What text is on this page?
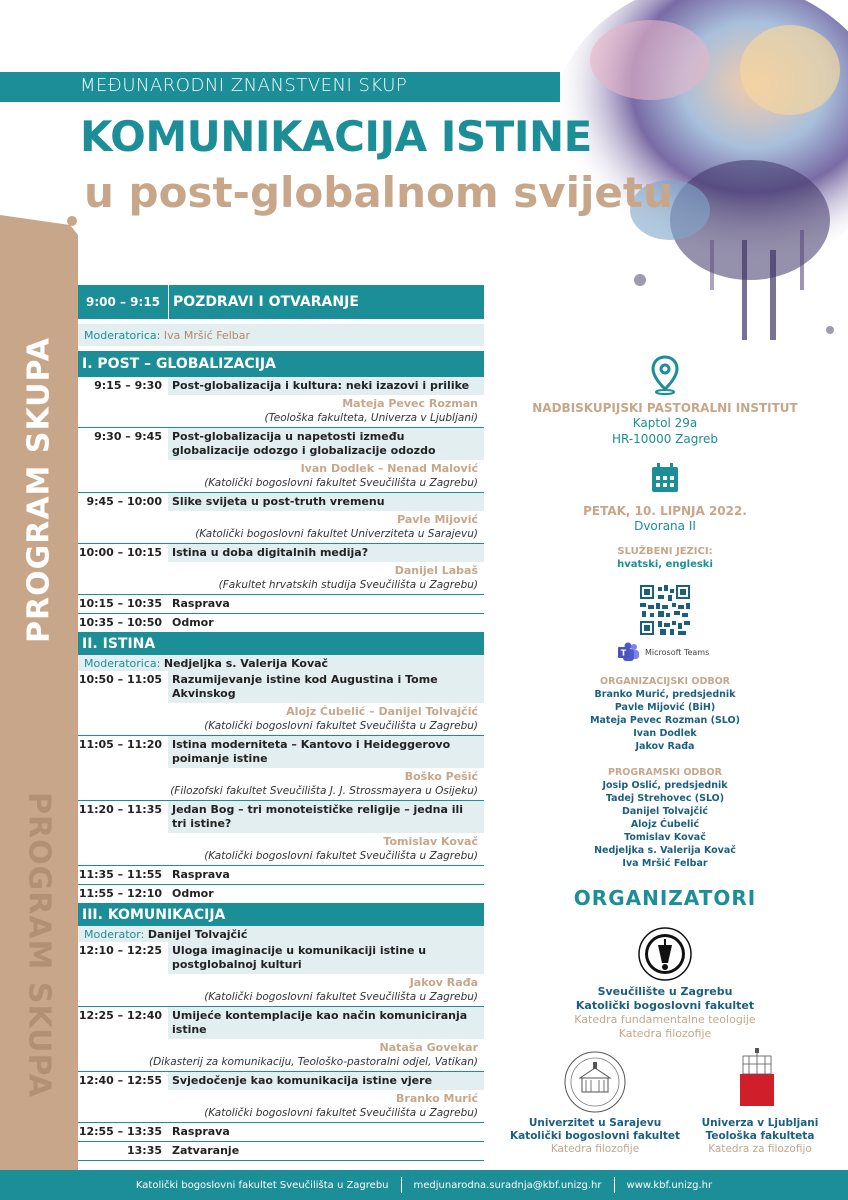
MEĐUNARODNI ZNANSTVENI SKUP
KOMUNIKACIJA ISTINE
u post-globalnom svijetu
PROGRAM SKUPA
PROGRAM SKUPA
9:00 – 9:15 POZDRAVI I OTVARANJE
Moderatorica:
Iva Mršić Felbar
I. POST – GLOBALIZACIJA
9:15 – 9:30 Post-globalizacija i kultura: neki izazovi i prilike
Mateja Pevec Rozman
(Teološka fakulteta, Univerza v Ljubljani)
9:30 – 9:45 Post-globalizacija u napetosti između globalizacije odozgo i globalizacije odozdo
Ivan Dodlek – Nenad Malović
(Katolički bogoslovni fakultet Sveučilišta u Zagrebu)
9:45 – 10:00 Slike svijeta u post-truth vremenu
Pavle Mijović
(Katolički bogoslovni fakultet Univerziteta u Sarajevu)
10:00 – 10:15 Istina u doba digitalnih medija?
Danijel Labaš
(Fakultet hrvatskih studija Sveučilišta u Zagrebu)
10:15 – 10:35 Rasprava
10:35 – 10:50 Odmor
II. ISTINA
Moderatorica:
Nedjeljka s. Valerija Kovač
10:50 – 11:05 Razumijevanje istine kod Augustina i Tome Akvinskog
Alojz Ćubelić – Danijel Tolvajčić
(Katolički bogoslovni fakultet Sveučilišta u Zagrebu)
11:05 – 11:20 Istina moderniteta – Kantovo i Heideggerovo poimanje istine
Boško Pešić
(Filozofski fakultet Sveučilišta J. J. Strossmayera u Osijeku)
11:20 – 11:35 Jedan Bog – tri monoteističke religije – jedna ili tri istine?
Tomislav Kovač
(Katolički bogoslovni fakultet Sveučilišta u Zagrebu)
11:35 – 11:55 Rasprava
11:55 – 12:10 Odmor
III. KOMUNIKACIJA
Moderator:
Danijel Tolvajčić
12:10 – 12:25 Uloga imaginacije u komunikaciji istine u postglobalnoj kulturi
Jakov Rađa
(Katolički bogoslovni fakultet Sveučilišta u Zagrebu)
12:25 – 12:40 Umijeće kontemplacije kao način komuniciranja istine
Nataša Govekar
(Dikasterij za komunikaciju, Teološko-pastoralni odjel, Vatikan)
12:40 – 12:55 Svjedočenje kao komunikacija istine vjere
Branko Murić
(Katolički bogoslovni fakultet Sveučilišta u Zagrebu)
12:55 – 13:35 Rasprava
13:35 Zatvaranje
NADBISKUPIJSKI PASTORALNI INSTITUT
Kaptol 29a
HR-10000 Zagreb
PETAK, 10. LIPNJA 2022.
Dvorana II
SLUŽBENI JEZICI:
hvatski, engleski
T Microsoft Teams
ORGANIZACIJSKI ODBOR
Branko Murić, predsjednik
Pavle Mijović (BiH)
Mateja Pevec Rozman (SLO)
Ivan Dodlek
Jakov Rađa
PROGRAMSKI ODBOR
Josip Oslić, predsjednik
Tadej Strehovec (SLO)
Danijel Tolvajčić
Alojz Ćubelić
Tomislav Kovač
Nedjeljka s. Valerija Kovač
Iva Mršić Felbar
ORGANIZATORI
Sveučilište u Zagrebu
Katolički bogoslovni fakultet
Katedra fundamentalne teologije
Katedra filozofije
Univerzitet u Sarajevu
Katolički bogoslovni fakultet
Katedra filozofije
Univerza v Ljubljani
Teološka fakulteta
Katedra za filozofijo
Katolički bogoslovni fakultet Sveučilišta u Zagrebu	medjunarodna.suradnja@kbf.unizg.hr	www.kbf.unizg.hr
